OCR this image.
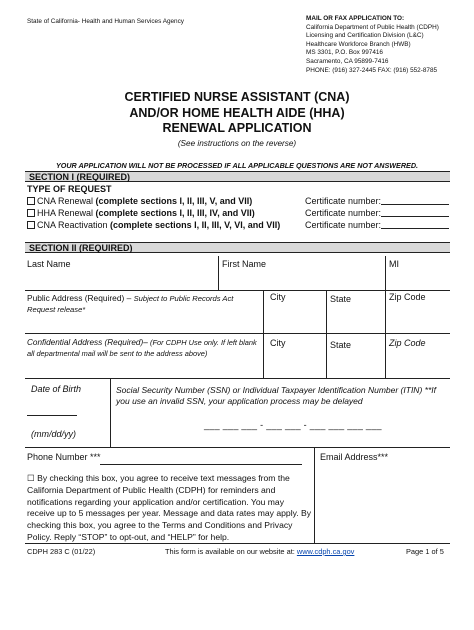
State of California- Health and Human Services Agency	MAIL OR FAX APPLICATION TO:
California Department of Public Health (CDPH)
Licensing and Certification Division (L&C)
Healthcare Workforce Branch (HWB)
MS 3301, P.O. Box 997416
Sacramento, CA 95899-7416
PHONE: (916) 327-2445 FAX: (916) 552-8785
CERTIFIED NURSE ASSISTANT (CNA)
AND/OR HOME HEALTH AIDE (HHA)
RENEWAL APPLICATION
(See instructions on the reverse)
YOUR APPLICATION WILL NOT BE PROCESSED IF ALL APPLICABLE QUESTIONS ARE NOT ANSWERED.
SECTION I (REQUIRED)
TYPE OF REQUEST
CNA Renewal (complete sections I, II, III, V, and VII)	Certificate number:
HHA Renewal (complete sections I, II, III, IV, and VII)	Certificate number:
CNA Reactivation (complete sections I, II, III, V, VI, and VII)	Certificate number:
SECTION II (REQUIRED)
Last Name	First Name	MI
Public Address (Required) – Subject to Public Records Act Request release*
City	State	Zip Code
Confidential Address (Required)– (For CDPH Use only. If left blank all departmental mail will be sent to the address above)
City	State	Zip Code
Date of Birth
(mm/dd/yy)
Social Security Number (SSN) or Individual Taxpayer Identification Number (ITIN) **If you use an invalid SSN, your application process may be delayed
___ ___ ___ - ___ ___ - ___ ___ ___ ___
Phone Number ***	Email Address***
☐ By checking this box, you agree to receive text messages from the California Department of Public Health (CDPH) for reminders and notifications regarding your application and/or certification. You may receive up to 5 messages per year. Message and data rates may apply. By checking this box, you agree to the Terms and Conditions and Privacy Policy. Reply “STOP” to opt-out, and “HELP” for help.
CDPH 283 C (01/22)	This form is available on our website at: www.cdph.ca.gov	Page 1 of 5
